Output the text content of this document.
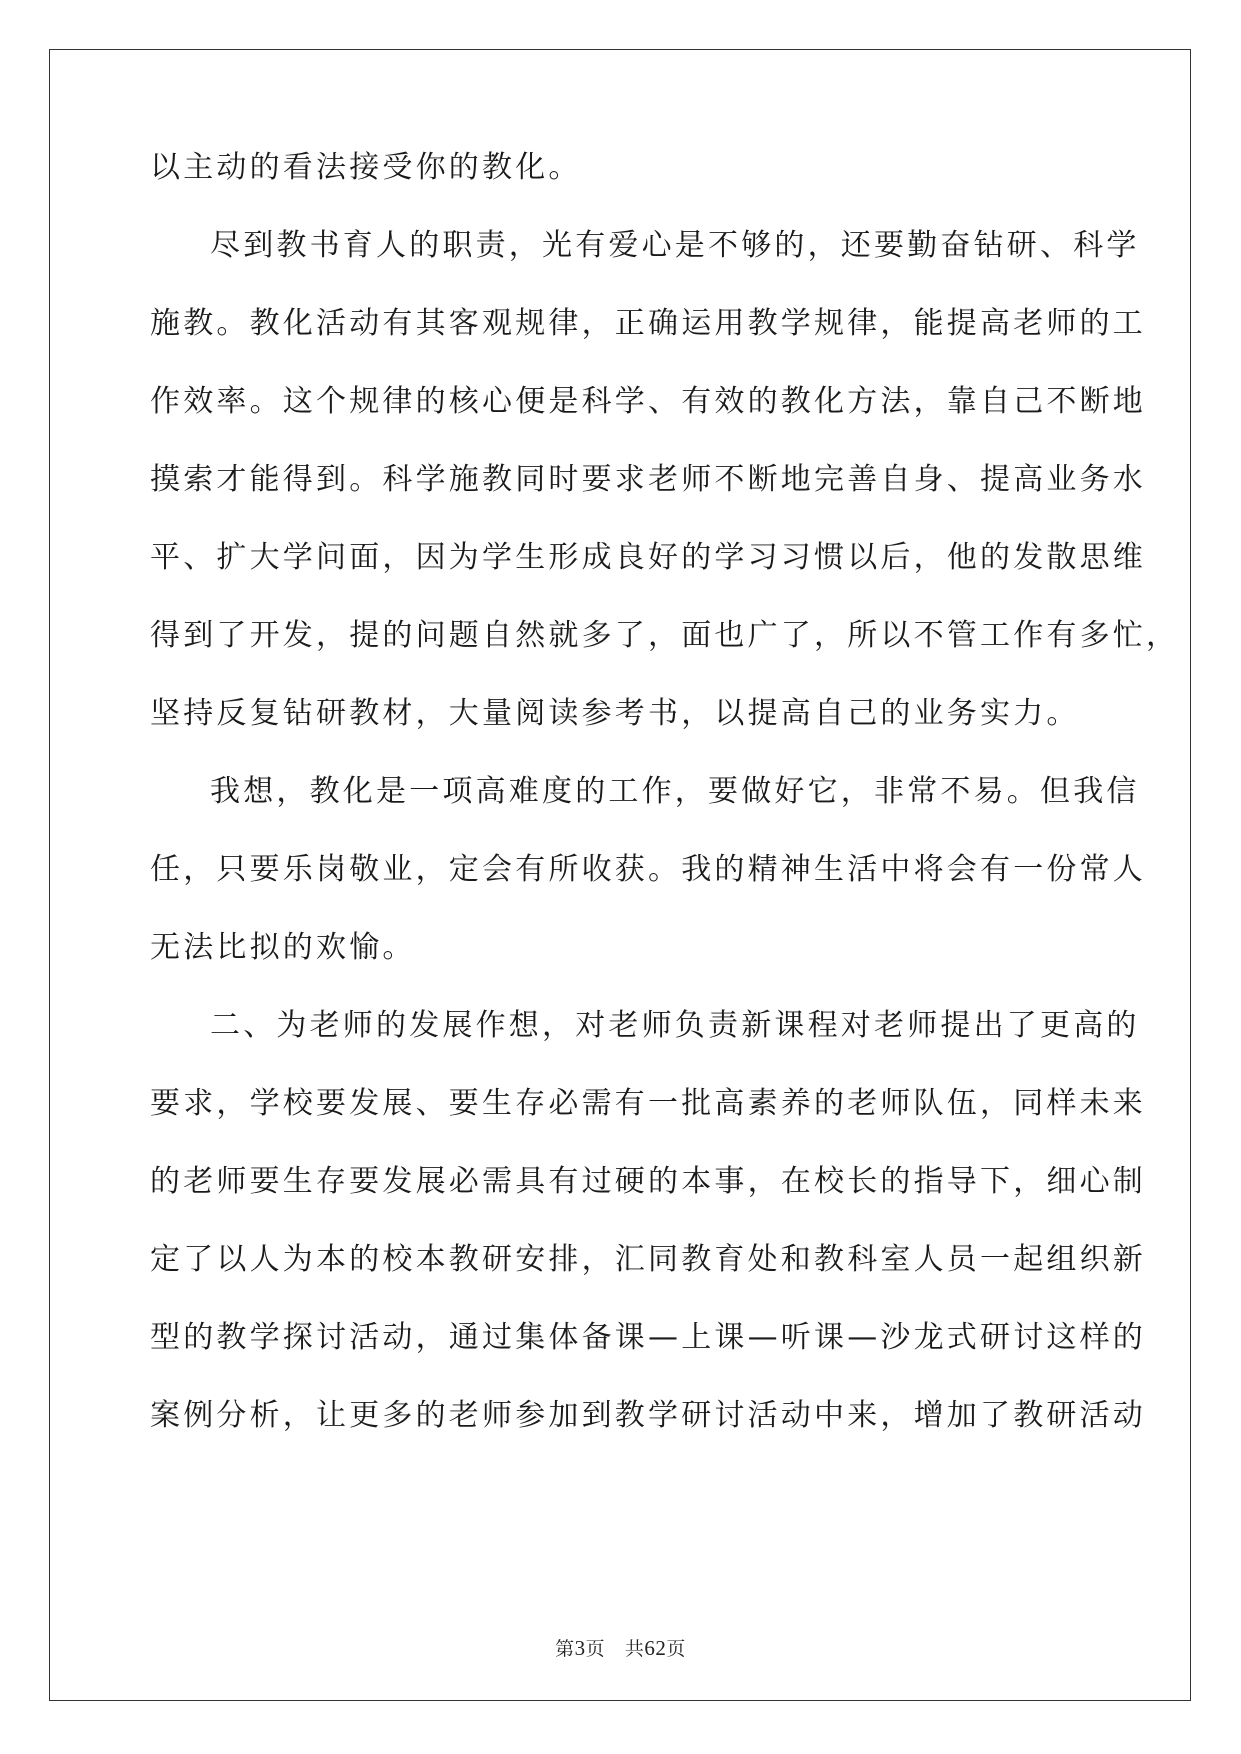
以主动的看法接受你的教化。
尽到教书育人的职责，光有爱心是不够的，还要勤奋钻研、科学
施教。教化活动有其客观规律，正确运用教学规律，能提高老师的工
作效率。这个规律的核心便是科学、有效的教化方法，靠自己不断地
摸索才能得到。科学施教同时要求老师不断地完善自身、提高业务水
平、扩大学问面，因为学生形成良好的学习习惯以后，他的发散思维
得到了开发，提的问题自然就多了，面也广了，所以不管工作有多忙，
坚持反复钻研教材，大量阅读参考书，以提高自己的业务实力。
我想，教化是一项高难度的工作，要做好它，非常不易。但我信
任，只要乐岗敬业，定会有所收获。我的精神生活中将会有一份常人
无法比拟的欢愉。
二、为老师的发展作想，对老师负责新课程对老师提出了更高的
要求，学校要发展、要生存必需有一批高素养的老师队伍，同样未来
的老师要生存要发展必需具有过硬的本事，在校长的指导下，细心制
定了以人为本的校本教研安排，汇同教育处和教科室人员一起组织新
型的教学探讨活动，通过集体备课—上课—听课—沙龙式研讨这样的
案例分析，让更多的老师参加到教学研讨活动中来，增加了教研活动
第3页 共62页
